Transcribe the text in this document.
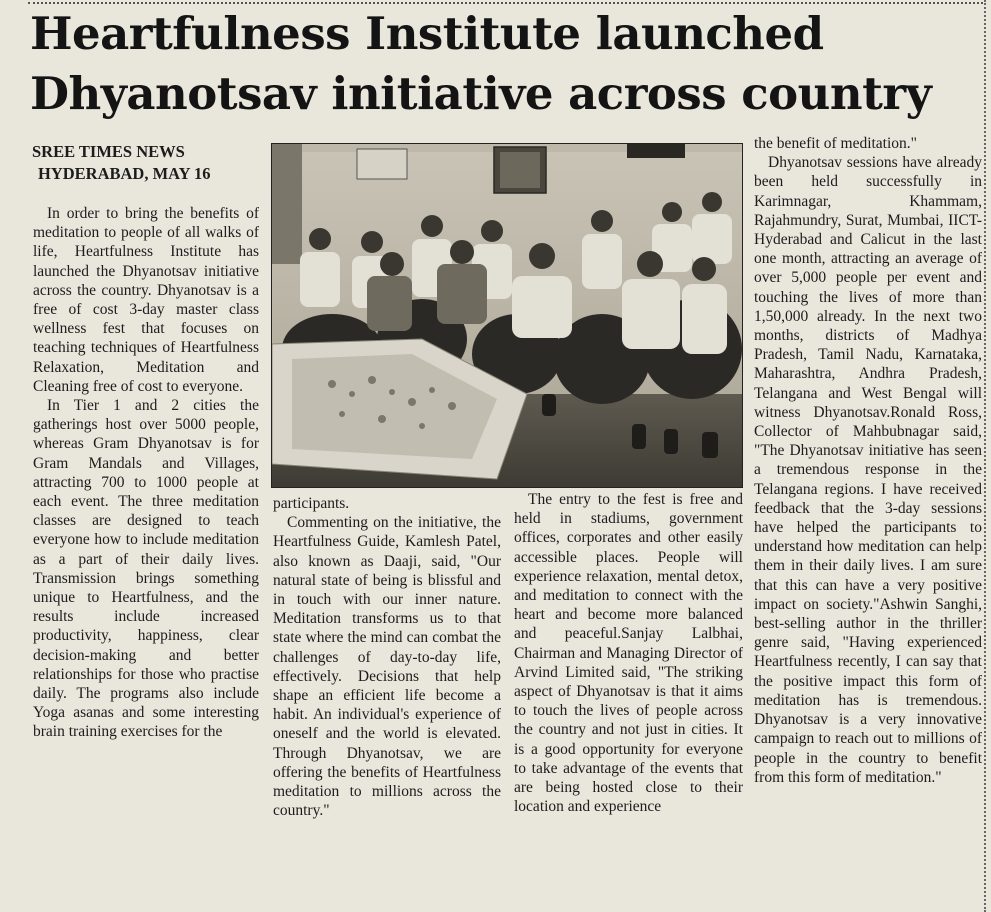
Heartfulness Institute launched
Dhyanotsav initiative across country
SREE TIMES NEWS
HYDERABAD, MAY 16

In order to bring the benefits of meditation to people of all walks of life, Heartfulness Institute has launched the Dhyanotsav initiative across the country. Dhyanotsav is a free of cost 3-day master class wellness fest that focuses on teaching techniques of Heartfulness Relaxation, Meditation and Cleaning free of cost to everyone.

In Tier 1 and 2 cities the gatherings host over 5000 people, whereas Gram Dhyanotsav is for Gram Mandals and Villages, attracting 700 to 1000 people at each event. The three meditation classes are designed to teach everyone how to include meditation as a part of their daily lives. Transmission brings something unique to Heartfulness, and the results include increased productivity, happiness, clear decision-making and better relationships for those who practise daily. The programs also include Yoga asanas and some interesting brain training exercises for the

participants.

Commenting on the initiative, the Heartfulness Guide, Kamlesh Patel, also known as Daaji, said, "Our natural state of being is blissful and in touch with our inner nature. Meditation transforms us to that state where the mind can combat the challenges of day-to-day life, effectively. Decisions that help shape an efficient life become a habit. An individual's experience of oneself and the world is elevated. Through Dhyanotsav, we are offering the benefits of Heartfulness meditation to millions across the country."

The entry to the fest is free and held in stadiums, government offices, corporates and other easily accessible places. People will experience relaxation, mental detox, and meditation to connect with the heart and become more balanced and peaceful.Sanjay Lalbhai, Chairman and Managing Director of Arvind Limited said, "The striking aspect of Dhyanotsav is that it aims to touch the lives of people across the country and not just in cities. It is a good opportunity for everyone to take advantage of the events that are being hosted close to their location and experience

the benefit of meditation."

Dhyanotsav sessions have already been held successfully in Karimnagar, Khammam, Rajahmundry, Surat, Mumbai, IICT-Hyderabad and Calicut in the last one month, attracting an average of over 5,000 people per event and touching the lives of more than 1,50,000 already. In the next two months, districts of Madhya Pradesh, Tamil Nadu, Karnataka, Maharashtra, Andhra Pradesh, Telangana and West Bengal will witness Dhyanotsav.Ronald Ross, Collector of Mahbubnagar said, "The Dhyanotsav initiative has seen a tremendous response in the Telangana regions. I have received feedback that the 3-day sessions have helped the participants to understand how meditation can help them in their daily lives. I am sure that this can have a very positive impact on society."Ashwin Sanghi, best-selling author in the thriller genre said, "Having experienced Heartfulness recently, I can say that the positive impact this form of meditation has is tremendous. Dhyanotsav is a very innovative campaign to reach out to millions of people in the country to benefit from this form of meditation."
